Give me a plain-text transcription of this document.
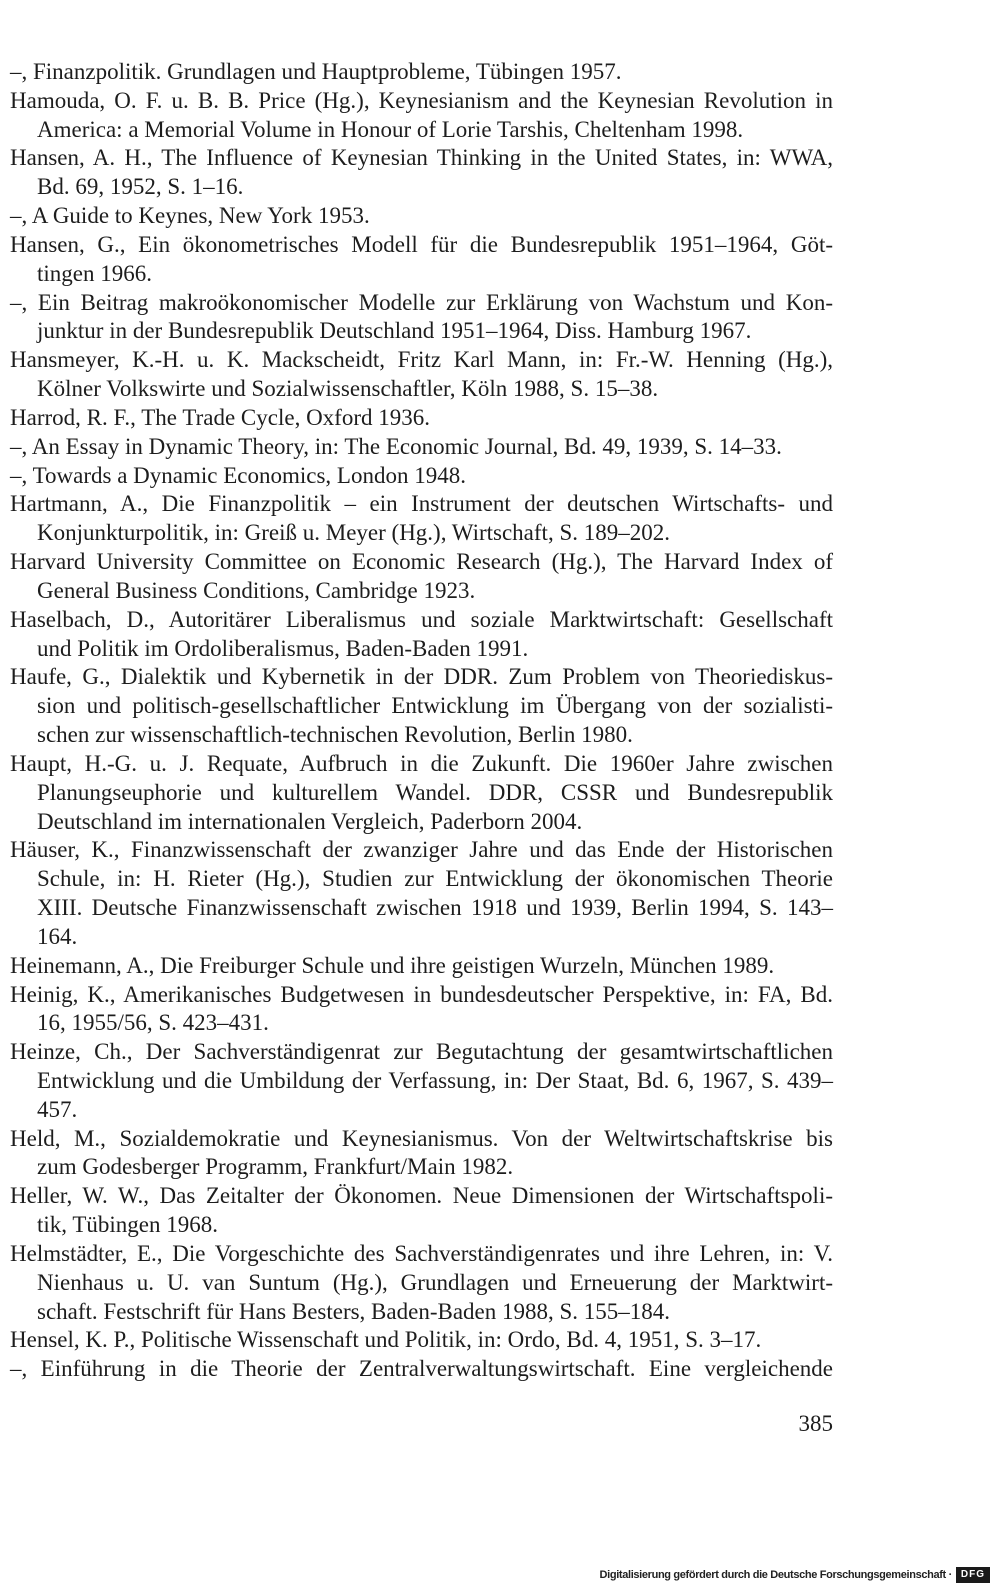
–, Finanzpolitik. Grundlagen und Hauptprobleme, Tübingen 1957.
Hamouda, O. F. u. B. B. Price (Hg.), Keynesianism and the Keynesian Revolution in
America: a Memorial Volume in Honour of Lorie Tarshis, Cheltenham 1998.
Hansen, A. H., The Influence of Keynesian Thinking in the United States, in: WWA,
Bd. 69, 1952, S. 1–16.
–, A Guide to Keynes, New York 1953.
Hansen, G., Ein ökonometrisches Modell für die Bundesrepublik 1951–1964, Göt-
tingen 1966.
–, Ein Beitrag makroökonomischer Modelle zur Erklärung von Wachstum und Kon-
junktur in der Bundesrepublik Deutschland 1951–1964, Diss. Hamburg 1967.
Hansmeyer, K.-H. u. K. Mackscheidt, Fritz Karl Mann, in: Fr.-W. Henning (Hg.),
Kölner Volkswirte und Sozialwissenschaftler, Köln 1988, S. 15–38.
Harrod, R. F., The Trade Cycle, Oxford 1936.
–, An Essay in Dynamic Theory, in: The Economic Journal, Bd. 49, 1939, S. 14–33.
–, Towards a Dynamic Economics, London 1948.
Hartmann, A., Die Finanzpolitik – ein Instrument der deutschen Wirtschafts- und
Konjunkturpolitik, in: Greiß u. Meyer (Hg.), Wirtschaft, S. 189–202.
Harvard University Committee on Economic Research (Hg.), The Harvard Index of
General Business Conditions, Cambridge 1923.
Haselbach, D., Autoritärer Liberalismus und soziale Marktwirtschaft: Gesellschaft
und Politik im Ordoliberalismus, Baden-Baden 1991.
Haufe, G., Dialektik und Kybernetik in der DDR. Zum Problem von Theoriediskus-
sion und politisch-gesellschaftlicher Entwicklung im Übergang von der sozialisti-
schen zur wissenschaftlich-technischen Revolution, Berlin 1980.
Haupt, H.-G. u. J. Requate, Aufbruch in die Zukunft. Die 1960er Jahre zwischen
Planungseuphorie und kulturellem Wandel. DDR, CSSR und Bundesrepublik
Deutschland im internationalen Vergleich, Paderborn 2004.
Häuser, K., Finanzwissenschaft der zwanziger Jahre und das Ende der Historischen
Schule, in: H. Rieter (Hg.), Studien zur Entwicklung der ökonomischen Theorie
XIII. Deutsche Finanzwissenschaft zwischen 1918 und 1939, Berlin 1994, S. 143–
164.
Heinemann, A., Die Freiburger Schule und ihre geistigen Wurzeln, München 1989.
Heinig, K., Amerikanisches Budgetwesen in bundesdeutscher Perspektive, in: FA, Bd.
16, 1955/56, S. 423–431.
Heinze, Ch., Der Sachverständigenrat zur Begutachtung der gesamtwirtschaftlichen
Entwicklung und die Umbildung der Verfassung, in: Der Staat, Bd. 6, 1967, S. 439–
457.
Held, M., Sozialdemokratie und Keynesianismus. Von der Weltwirtschaftskrise bis
zum Godesberger Programm, Frankfurt/Main 1982.
Heller, W. W., Das Zeitalter der Ökonomen. Neue Dimensionen der Wirtschaftspoli-
tik, Tübingen 1968.
Helmstädter, E., Die Vorgeschichte des Sachverständigenrates und ihre Lehren, in: V.
Nienhaus u. U. van Suntum (Hg.), Grundlagen und Erneuerung der Marktwirt-
schaft. Festschrift für Hans Besters, Baden-Baden 1988, S. 155–184.
Hensel, K. P., Politische Wissenschaft und Politik, in: Ordo, Bd. 4, 1951, S. 3–17.
–, Einführung in die Theorie der Zentralverwaltungswirtschaft. Eine vergleichende
385
Digitalisierung gefördert durch die Deutsche Forschungsgemeinschaft · DFG
